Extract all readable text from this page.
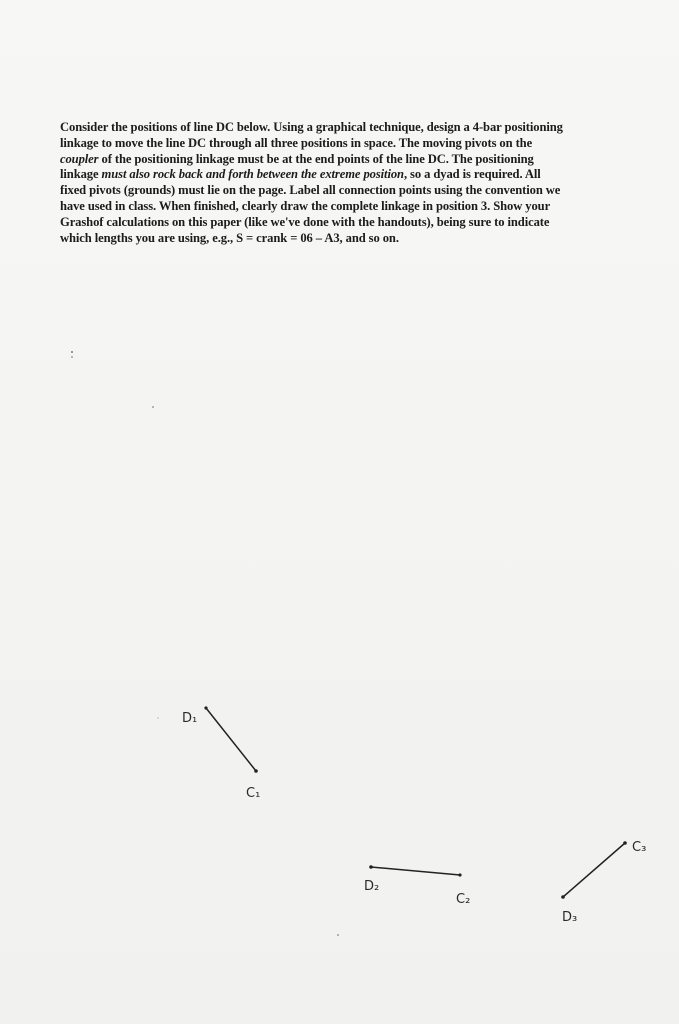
Consider the positions of line DC below. Using a graphical technique, design a 4-bar positioning
linkage to move the line DC through all three positions in space. The moving pivots on the
coupler of the positioning linkage must be at the end points of the line DC. The positioning
linkage must also rock back and forth between the extreme position, so a dyad is required. All
fixed pivots (grounds) must lie on the page. Label all connection points using the convention we
have used in class. When finished, clearly draw the complete linkage in position 3. Show your
Grashof calculations on this paper (like we've done with the handouts), being sure to indicate
which lengths you are using, e.g., S = crank = 06 – A3, and so on.
D₁
C₁
D₂
C₂
D₃
C₃
